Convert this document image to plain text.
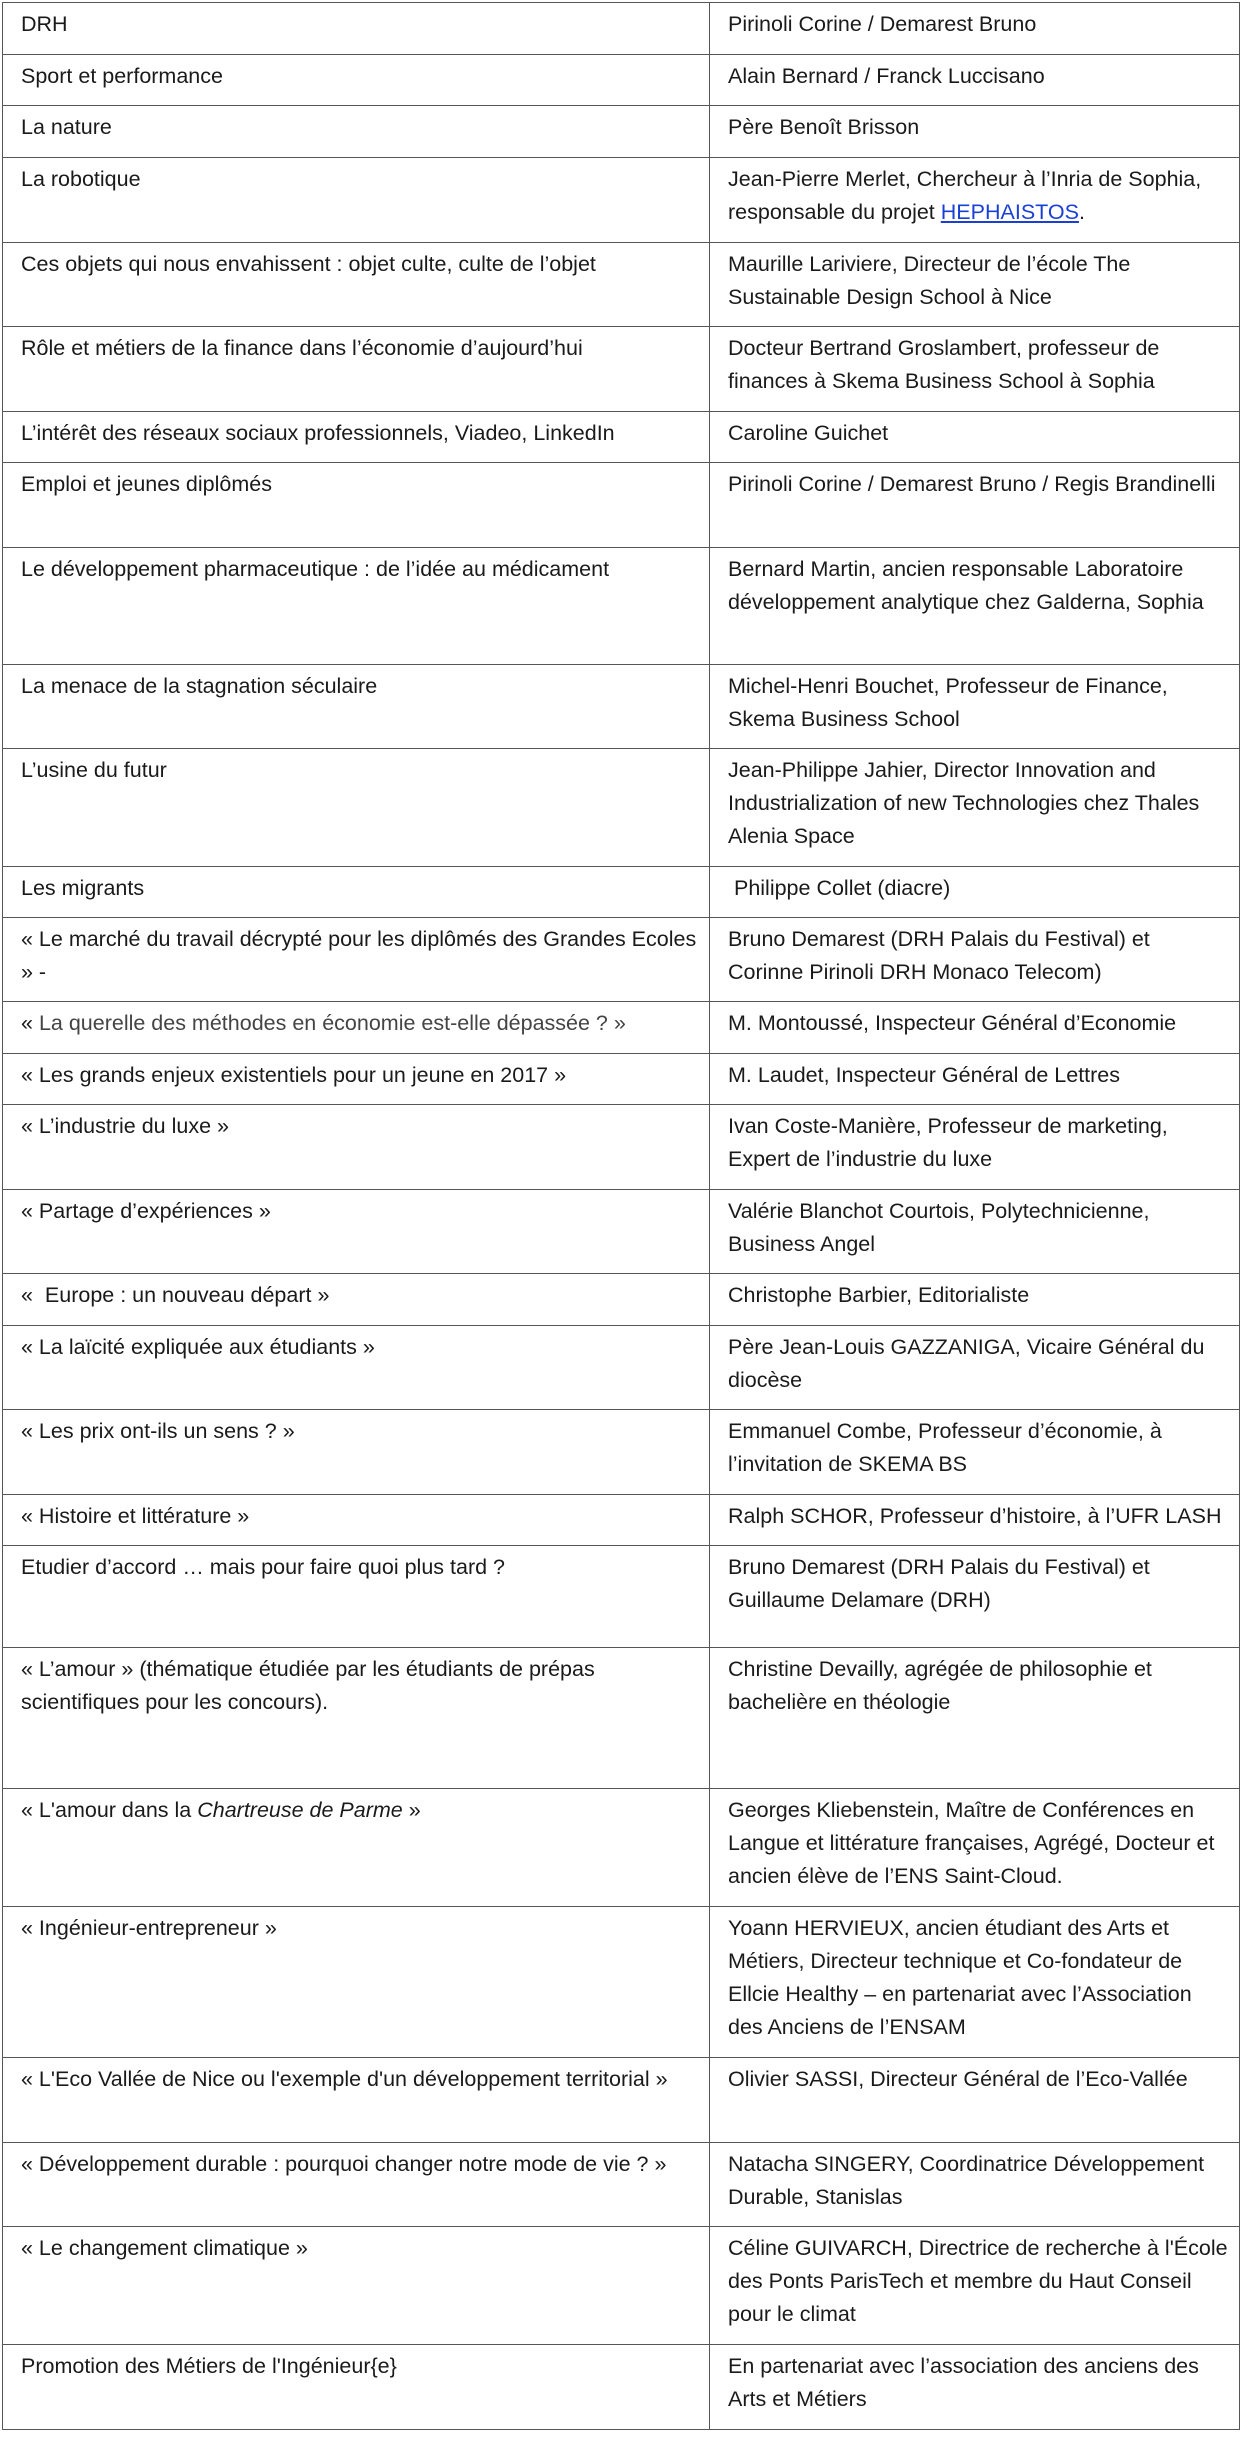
DRH	Pirinoli Corine / Demarest Bruno
Sport et performance	Alain Bernard / Franck Luccisano
La nature	Père Benoît Brisson
La robotique	Jean-Pierre Merlet, Chercheur à l’Inria de Sophia, responsable du projet HEPHAISTOS.
Ces objets qui nous envahissent : objet culte, culte de l’objet	Maurille Lariviere, Directeur de l’école The Sustainable Design School à Nice
Rôle et métiers de la finance dans l’économie d’aujourd’hui	Docteur Bertrand Groslambert, professeur de finances à Skema Business School à Sophia
L’intérêt des réseaux sociaux professionnels, Viadeo, LinkedIn	Caroline Guichet
Emploi et jeunes diplômés	Pirinoli Corine / Demarest Bruno / Regis Brandinelli
Le développement pharmaceutique : de l’idée au médicament	Bernard Martin, ancien responsable Laboratoire développement analytique chez Galderna, Sophia
La menace de la stagnation séculaire	Michel-Henri Bouchet, Professeur de Finance, Skema Business School
L’usine du futur	Jean-Philippe Jahier, Director Innovation and Industrialization of new Technologies chez Thales Alenia Space
Les migrants	Philippe Collet (diacre)
« Le marché du travail décrypté pour les diplômés des Grandes Ecoles » -	Bruno Demarest (DRH Palais du Festival) et Corinne Pirinoli DRH Monaco Telecom)
« La querelle des méthodes en économie est-elle dépassée ? »	M. Montoussé, Inspecteur Général d’Economie
« Les grands enjeux existentiels pour un jeune en 2017 »	M. Laudet, Inspecteur Général de Lettres
« L’industrie du luxe »	Ivan Coste-Manière, Professeur de marketing, Expert de l’industrie du luxe
« Partage d’expériences »	Valérie Blanchot Courtois, Polytechnicienne, Business Angel
«  Europe : un nouveau départ »	Christophe Barbier, Editorialiste
« La laïcité expliquée aux étudiants »	Père Jean-Louis GAZZANIGA, Vicaire Général du diocèse
« Les prix ont-ils un sens ? »	Emmanuel Combe, Professeur d’économie, à l’invitation de SKEMA BS
« Histoire et littérature »	Ralph SCHOR, Professeur d’histoire, à l’UFR LASH
Etudier d’accord … mais pour faire quoi plus tard ?	Bruno Demarest (DRH Palais du Festival) et Guillaume Delamare (DRH)
« L’amour » (thématique étudiée par les étudiants de prépas scientifiques pour les concours).	Christine Devailly, agrégée de philosophie et bachelière en théologie
« L'amour dans la Chartreuse de Parme »	Georges Kliebenstein, Maître de Conférences en Langue et littérature françaises, Agrégé, Docteur et ancien élève de l’ENS Saint-Cloud.
« Ingénieur-entrepreneur »	Yoann HERVIEUX, ancien étudiant des Arts et Métiers, Directeur technique et Co-fondateur de Ellcie Healthy – en partenariat avec l’Association des Anciens de l’ENSAM
« L'Eco Vallée de Nice ou l'exemple d'un développement territorial »	Olivier SASSI, Directeur Général de l’Eco-Vallée
« Développement durable : pourquoi changer notre mode de vie ? »	Natacha SINGERY, Coordinatrice Développement Durable, Stanislas
« Le changement climatique »	Céline GUIVARCH, Directrice de recherche à l'École des Ponts ParisTech et membre du Haut Conseil pour le climat
Promotion des Métiers de l'Ingénieur{e}	En partenariat avec l’association des anciens des Arts et Métiers
